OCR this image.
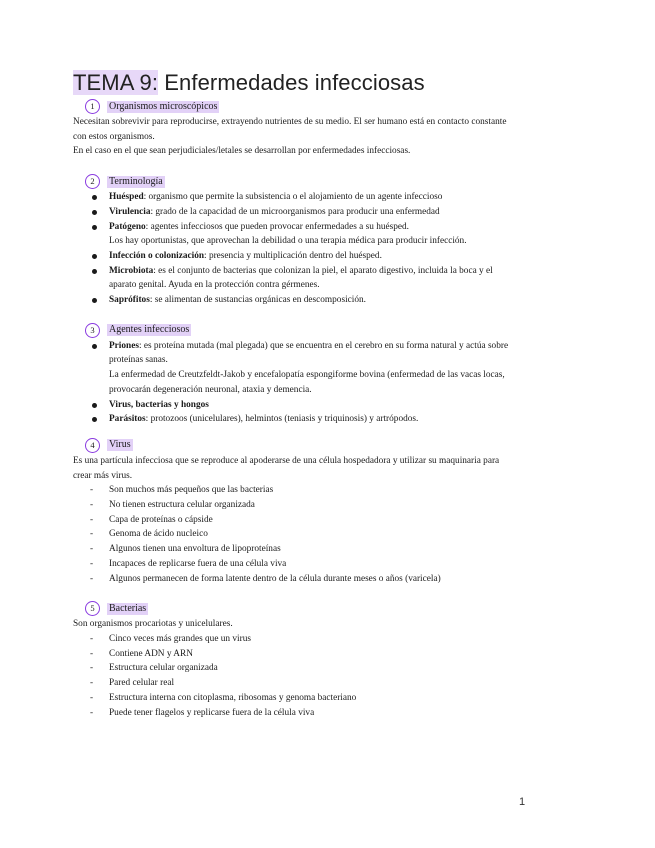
TEMA 9: Enfermedades infecciosas
1	Organismos microscópicos

Necesitan sobrevivir para reproducirse, extrayendo nutrientes de su medio. El ser humano está en contacto constante con estos organismos.

En el caso en el que sean perjudiciales/letales se desarrollan por enfermedades infecciosas.

2	Terminología
Huésped: organismo que permite la subsistencia o el alojamiento de un agente infeccioso
Virulencia: grado de la capacidad de un microorganismos para producir una enfermedad
Patógeno: agentes infecciosos que pueden provocar enfermedades a su huésped.
Los hay oportunistas, que aprovechan la debilidad o una terapia médica para producir infección.
Infección o colonización: presencia y multiplicación dentro del huésped.
Microbiota: es el conjunto de bacterias que colonizan la piel, el aparato digestivo, incluida la boca y el aparato genital. Ayuda en la protección contra gérmenes.
Saprófitos: se alimentan de sustancias orgánicas en descomposición.
3	Agentes infecciosos
Priones: es proteína mutada (mal plegada) que se encuentra en el cerebro en su forma natural y actúa sobre proteínas sanas.
La enfermedad de Creutzfeldt-Jakob y encefalopatía espongiforme bovina (enfermedad de las vacas locas, provocarán degeneración neuronal, ataxia y demencia.
Virus, bacterias y hongos
Parásitos: protozoos (unicelulares), helmintos (teniasis y triquinosis) y artrópodos.
4	Virus

Es una partícula infecciosa que se reproduce al apoderarse de una célula hospedadora y utilizar su maquinaria para crear más virus.

- Son muchos más pequeños que las bacterias
- No tienen estructura celular organizada
- Capa de proteínas o cápside
- Genoma de ácido nucleico
- Algunos tienen una envoltura de lipoproteínas
- Incapaces de replicarse fuera de una célula viva
- Algunos permanecen de forma latente dentro de la célula durante meses o años (varicela)
5	Bacterias

Son organismos procariotas y unicelulares.

- Cinco veces más grandes que un virus
- Contiene ADN y ARN
- Estructura celular organizada
- Pared celular real
- Estructura interna con citoplasma, ribosomas y genoma bacteriano
- Puede tener flagelos y replicarse fuera de la célula viva
1
